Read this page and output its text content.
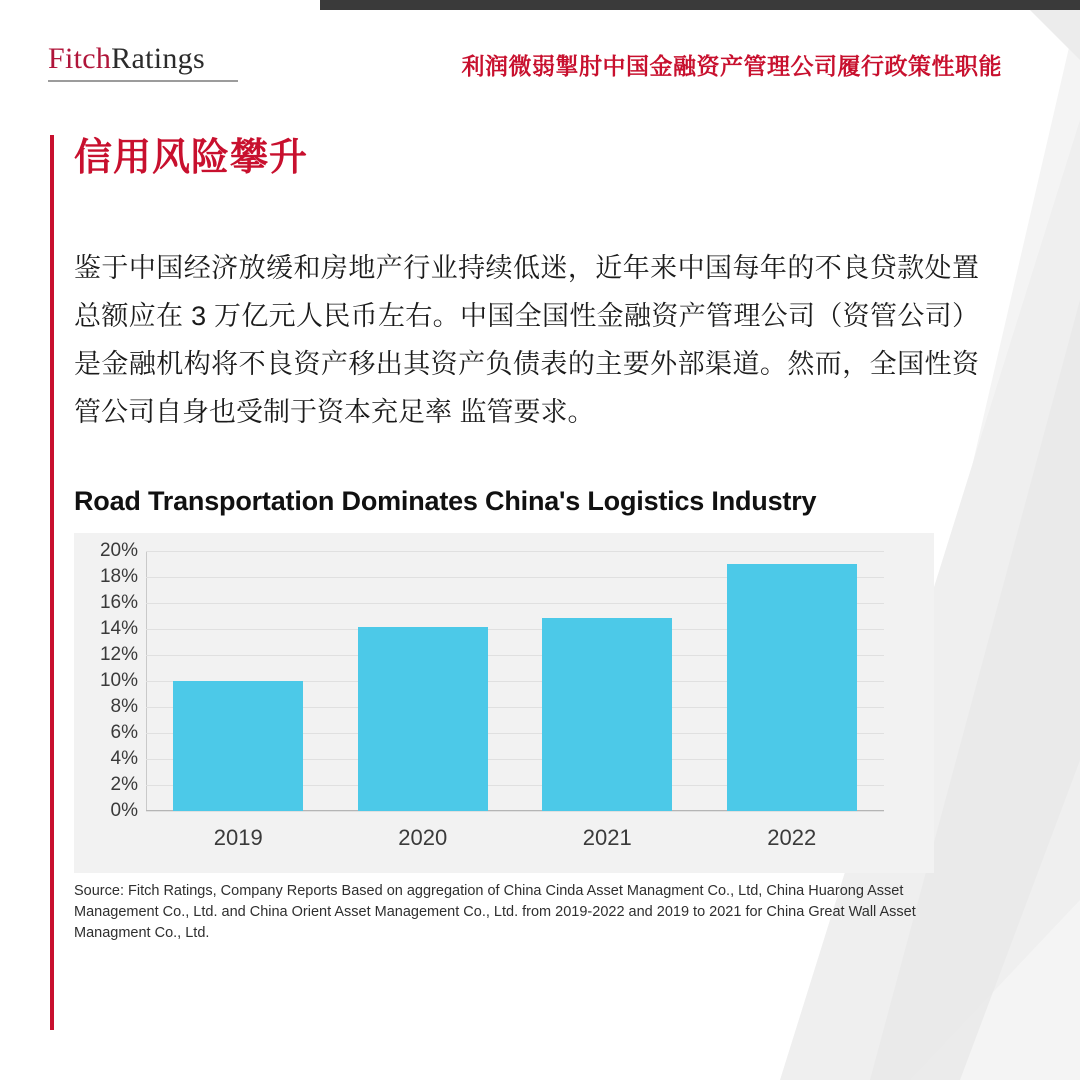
FitchRatings	利润微弱掣肘中国金融资产管理公司履行政策性职能
信用风险攀升

鉴于中国经济放缓和房地产行业持续低迷，近年来中国每年的不良贷款处置总额应在 3 万亿元人民币左右。中国全国性金融资产管理公司（资管公司）是金融机构将不良资产移出其资产负债表的主要外部渠道。然而，全国性资管公司自身也受制于资本充足率 监管要求。

Road Transportation Dominates China's Logistics Industry
20%
18%
16%
14%
12%
10%
8%
6%
4%
2%
0%
2019	2020	2021	2022
Source: Fitch Ratings, Company Reports Based on aggregation of China Cinda Asset Managment Co., Ltd, China Huarong Asset Management Co., Ltd. and China Orient Asset Management Co., Ltd. from 2019-2022 and 2019 to 2021 for China Great Wall Asset Managment Co., Ltd.
